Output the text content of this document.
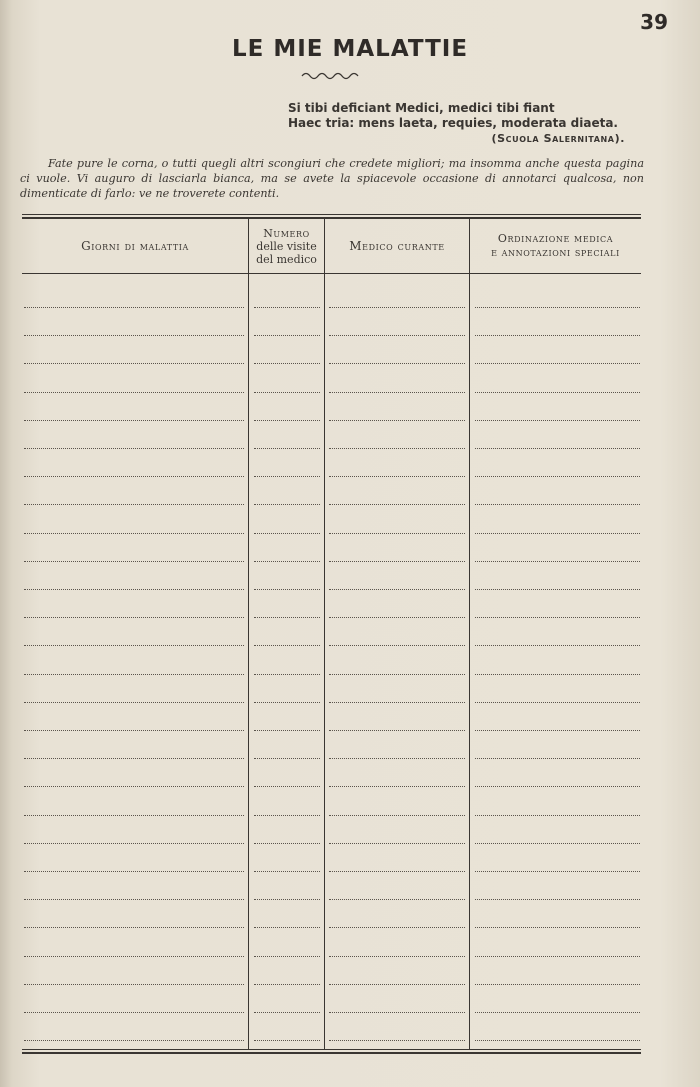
39
LE MIE MALATTIE
Si tibi deficiant Medici, medici tibi fiant
Haec tria: mens laeta, requies, moderata diaeta.
(Scuola Salernitana).
Fate pure le corna, o tutti quegli altri scongiuri che credete migliori; ma insomma anche questa pagina ci vuole. Vi auguro di lasciarla bianca, ma se avete la spiacevole occasione di annotarci qualcosa, non dimenticate di farlo: ve ne troverete contenti.
Giorni di malattia
Numero
delle visite
del medico
Medico curante
Ordinazione medica
e annotazioni speciali
